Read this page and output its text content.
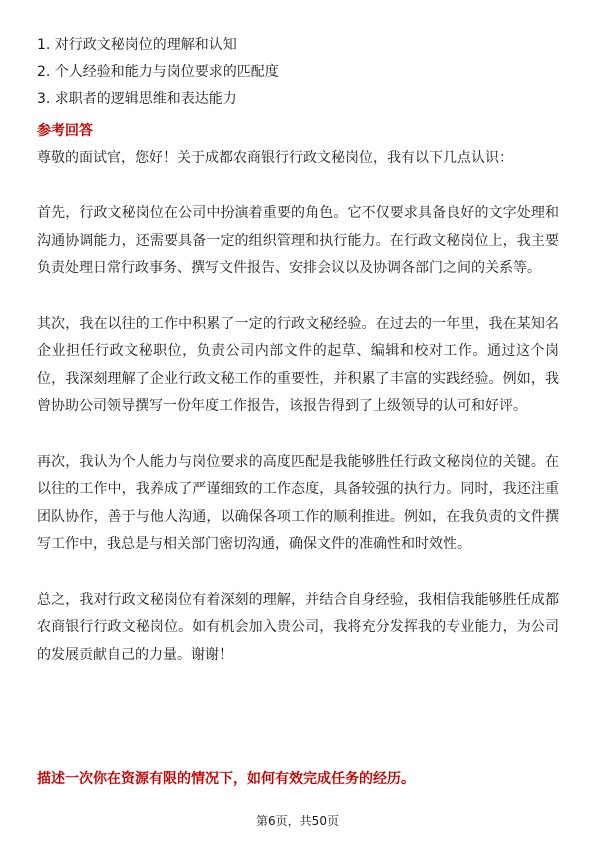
1. 对行政文秘岗位的理解和认知
2. 个人经验和能力与岗位要求的匹配度
3. 求职者的逻辑思维和表达能力
参考回答

尊敬的面试官，您好！关于成都农商银行行政文秘岗位，我有以下几点认识：

首先，行政文秘岗位在公司中扮演着重要的角色。它不仅要求具备良好的文字处理和沟通协调能力，还需要具备一定的组织管理和执行能力。在行政文秘岗位上，我主要负责处理日常行政事务、撰写文件报告、安排会议以及协调各部门之间的关系等。

其次，我在以往的工作中积累了一定的行政文秘经验。在过去的一年里，我在某知名企业担任行政文秘职位，负责公司内部文件的起草、编辑和校对工作。通过这个岗位，我深刻理解了企业行政文秘工作的重要性，并积累了丰富的实践经验。例如，我曾协助公司领导撰写一份年度工作报告，该报告得到了上级领导的认可和好评。

再次，我认为个人能力与岗位要求的高度匹配是我能够胜任行政文秘岗位的关键。在以往的工作中，我养成了严谨细致的工作态度，具备较强的执行力。同时，我还注重团队协作，善于与他人沟通，以确保各项工作的顺利推进。例如，在我负责的文件撰写工作中，我总是与相关部门密切沟通，确保文件的准确性和时效性。

总之，我对行政文秘岗位有着深刻的理解，并结合自身经验，我相信我能够胜任成都农商银行行政文秘岗位。如有机会加入贵公司，我将充分发挥我的专业能力，为公司的发展贡献自己的力量。谢谢！

描述一次你在资源有限的情况下，如何有效完成任务的经历。
第6页，共50页
